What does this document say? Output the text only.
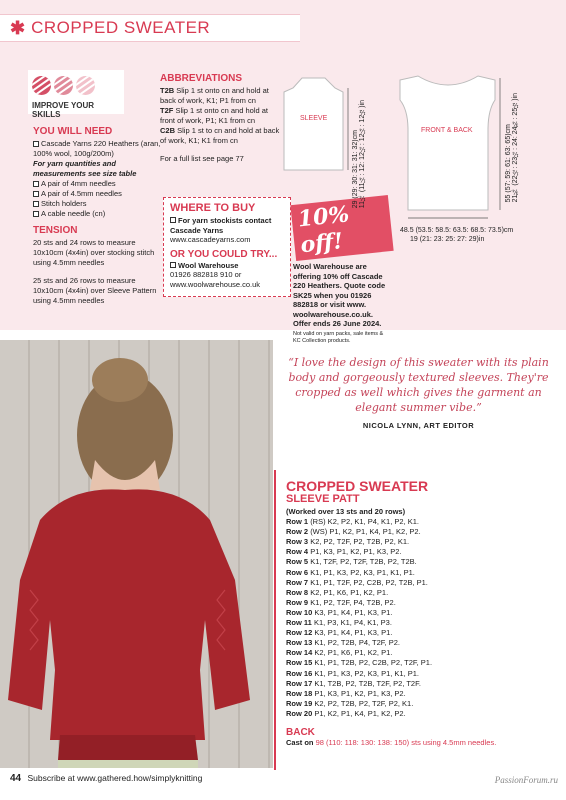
✱ CROPPED SWEATER
IMPROVE YOUR SKILLS
YOU WILL NEED
Cascade Yarns 220 Heathers (aran, 100% wool, 100g/200m)
For yarn quantities and measurements see size table
A pair of 4mm needles
A pair of 4.5mm needles
Stitch holders
A cable needle (cn)
TENSION

20 sts and 24 rows to measure 10x10cm (4x4in) over stocking stitch using 4.5mm needles

25 sts and 26 rows to measure 10x10cm (4x4in) over Sleeve Pattern using 4.5mm needles

ABBREVIATIONS

T2B Slip 1 st onto cn and hold at back of work, K1; P1 from cn

T2F Slip 1 st onto cn and hold at front of work, P1; K1 from cn

C2B Slip 1 st to cn and hold at back of work, K1; K1 from cn

For a full list see page 77

WHERE TO BUY

For yarn stockists contact Cascade Yarns

www.cascadeyarns.com

OR YOU COULD TRY...

Wool Warehouse

01926 882818 910 or www.woolwarehouse.co.uk

10% off!

Wool Warehouse are offering 10% off Cascade 220 Heathers. Quote code SK25 when you 01926 882818 or visit www. woolwarehouse.co.uk. Offer ends 26 June 2024.

Not valid on yarn packs, sale items & KC Collection products.

SLEEVE
29 (29: 30: 31: 31: 32)cm
11¼ (11¼: 12: 12¼: 12¼: 12½)in	FRONT & BACK	55 (57: 59: 61: 63: 65)cm
21¾ (22½: 23¼: 24: 24¾: 25½)in
48.5 (53.5: 58.5: 63.5: 68.5: 73.5)cm
19 (21: 23: 25: 27: 29)in

“I love the design of this sweater with its plain body and gorgeously textured sleeves. They're cropped as well which gives the garment an elegant summer vibe.”

NICOLA LYNN, ART EDITOR

CROPPED SWEATER
SLEEVE PATT
(Worked over 13 sts and 20 rows)
Row 1 (RS) K2, P2, K1, P4, K1, P2, K1.
Row 2 (WS) P1, K2, P1, K4, P1, K2, P2.
Row 3 K2, P2, T2F, P2, T2B, P2, K1.
Row 4 P1, K3, P1, K2, P1, K3, P2.
Row 5 K1, T2F, P2, T2F, T2B, P2, T2B.
Row 6 K1, P1, K3, P2, K3, P1, K1, P1.
Row 7 K1, P1, T2F, P2, C2B, P2, T2B, P1.
Row 8 K2, P1, K6, P1, K2, P1.
Row 9 K1, P2, T2F, P4, T2B, P2.
Row 10 K3, P1, K4, P1, K3, P1.
Row 11 K1, P3, K1, P4, K1, P3.
Row 12 K3, P1, K4, P1, K3, P1.
Row 13 K1, P2, T2B, P4, T2F, P2.
Row 14 K2, P1, K6, P1, K2, P1.
Row 15 K1, P1, T2B, P2, C2B, P2, T2F, P1.
Row 16 K1, P1, K3, P2, K3, P1, K1, P1.
Row 17 K1, T2B, P2, T2B, T2F, P2, T2F.
Row 18 P1, K3, P1, K2, P1, K3, P2.
Row 19 K2, P2, T2B, P2, T2F, P2, K1.
Row 20 P1, K2, P1, K4, P1, K2, P2.
BACK

Cast on 98 (110: 118: 130: 138: 150) sts using 4.5mm needles.

44 Subscribe at www.gathered.how/simplyknitting	PassionForum.ru
